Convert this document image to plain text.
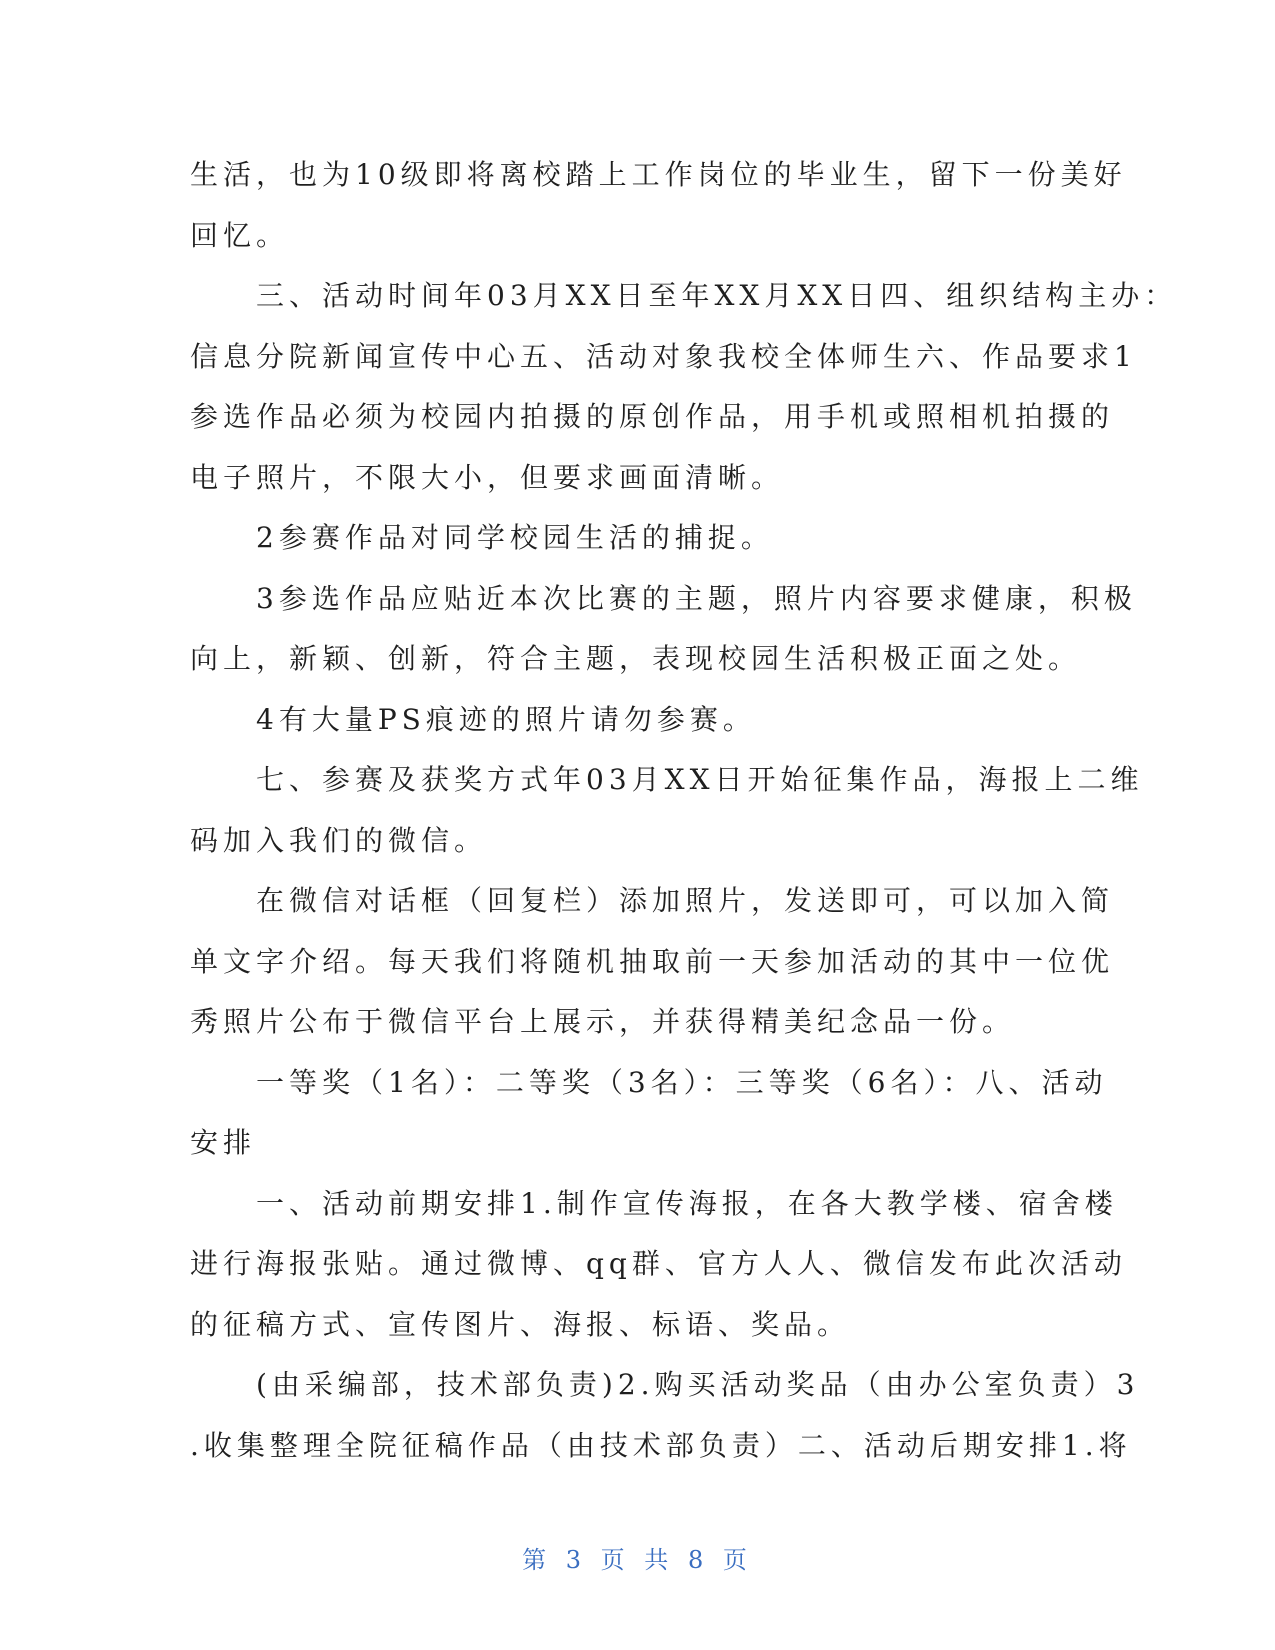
生活，也为10级即将离校踏上工作岗位的毕业生，留下一份美好
回忆。
　　三、活动时间年03月XX日至年XX月XX日四、组织结构主办：
信息分院新闻宣传中心五、活动对象我校全体师生六、作品要求1
参选作品必须为校园内拍摄的原创作品，用手机或照相机拍摄的
电子照片，不限大小，但要求画面清晰。
　　2参赛作品对同学校园生活的捕捉。
　　3参选作品应贴近本次比赛的主题，照片内容要求健康，积极
向上，新颖、创新，符合主题，表现校园生活积极正面之处。
　　4有大量PS痕迹的照片请勿参赛。
　　七、参赛及获奖方式年03月XX日开始征集作品，海报上二维
码加入我们的微信。
　　在微信对话框（回复栏）添加照片，发送即可，可以加入简
单文字介绍。每天我们将随机抽取前一天参加活动的其中一位优
秀照片公布于微信平台上展示，并获得精美纪念品一份。
　　一等奖（1名）：二等奖（3名）：三等奖（6名）：八、活动
安排
　　一、活动前期安排1.制作宣传海报，在各大教学楼、宿舍楼
进行海报张贴。通过微博、qq群、官方人人、微信发布此次活动
的征稿方式、宣传图片、海报、标语、奖品。
　　(由采编部，技术部负责)2.购买活动奖品（由办公室负责）3
.收集整理全院征稿作品（由技术部负责）二、活动后期安排1.将
第 3 页 共 8 页
